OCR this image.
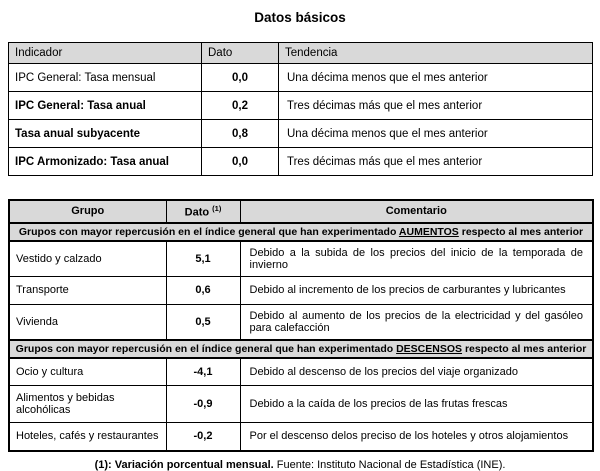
Datos básicos
Indicador	Dato	Tendencia
IPC General: Tasa mensual	0,0	Una décima menos que el mes anterior
IPC General: Tasa anual	0,2	Tres décimas más que el mes anterior
Tasa anual subyacente	0,8	Una décima menos que el mes anterior
IPC Armonizado: Tasa anual	0,0	Tres décimas más que el mes anterior
Grupo	Dato $^{(1)}$	Comentario
Grupos con mayor repercusión en el índice general que han experimentado AUMENTOS respecto al mes anterior		
Vestido y calzado	5,1	Debido a la subida de los precios del inicio de la temporada de invierno
Transporte	0,6	Debido al incremento de los precios de carburantes y lubricantes
Vivienda	0,5	Debido al aumento de los precios de la electricidad y del gasóleo para calefacción
Grupos con mayor repercusión en el índice general que han experimentado DESCENSOS respecto al mes anterior		
Ocio y cultura	-4,1	Debido al descenso de los precios del viaje organizado
Alimentos y bebidas alcohólicas	-0,9	Debido a la caída de los precios de las frutas frescas
Hoteles, cafés y restaurantes	-0,2	Por el descenso delos preciso de los hoteles y otros alojamientos
(1): Variación porcentual mensual. Fuente: Instituto Nacional de Estadística (INE).
